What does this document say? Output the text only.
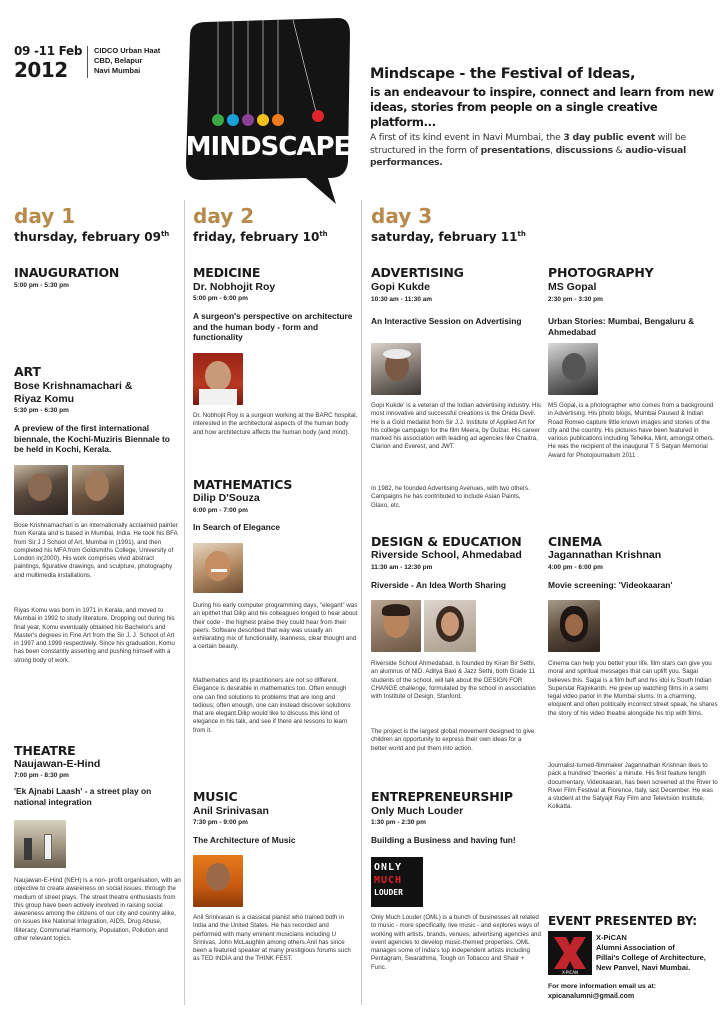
09 -11 Feb
2012
CIDCO Urban Haat
CBD, Belapur
Navi Mumbai
MINDSCAPE
Mindscape - the Festival of Ideas,
is an endeavour to inspire, connect and learn from new ideas, stories from people on a single creative platform...
A first of its kind event in Navi Mumbai, the 3 day public event will be structured in the form of presentations, discussions & audio-visual performances.
day 1
thursday, february 09th
day 2
friday, february 10th
day 3
saturday, february 11th
INAUGURATION
5:00 pm - 5:30 pm
ART
Bose Krishnamachari &
Riyaz Komu
5:30 pm - 6:30 pm
A preview of the first international biennale, the Kochi-Muziris Biennale to be held in Kochi, Kerala.
Bose Krishnamachari is an internationally acclaimed painter from Kerala and is based in Mumbai, India. He took his BFA from Sir J J School of Art, Mumbai in (1991), and then completed his MFA from Goldsmiths College, University of London in(2000). His work comprises vivid abstract paintings, figurative drawings, and sculpture, photography and multimedia installations.
Riyas Komu was born in 1971 in Kerala, and moved to Mumbai in 1992 to study literature. Dropping out during his final year, Komu eventually obtained his Bachelor's and Master's degrees in Fine Art from the Sir J. J. School of Art in 1997 and 1999 respectively. Since his graduation, Komu has been constantly asserting and pushing himself with a strong body of work.
THEATRE
Naujawan-E-Hind
7:00 pm - 8:30 pm
'Ek Ajnabi Laash' - a street play on national integration
Naujawan-E-Hind (NEH) is a non- profit organisation, with an objective to create awareness on social issues, through the medium of street plays. The street theatre enthusiasts from this group have been actively involved in raising social awareness among the citizens of our city and country alike, on issues like National Integration, AIDS, Drug Abuse, Illiteracy, Communal Harmony, Population, Pollution and other relevant topics.
MEDICINE
Dr. Nobhojit Roy
5:00 pm - 6:00 pm
A surgeon's perspective on architecture and the human body - form and functionality
Dr. Nobhojit Roy is a surgeon working at the BARC hospital, interested in the architectural aspects of the human body and how architecture affects the human body (and mind).
MATHEMATICS
Dilip D'Souza
6:00 pm - 7:00 pm
In Search of Elegance
During his early computer programming days, "elegant" was an epithet that Dilip and his colleagues longed to hear about their code - the highest praise they could hear from their peers. Software described that way was usually an exhilarating mix of functionality, leanness, clear thought and a certain beauty.
Mathematics and its practitioners are not so different. Elegance is desirable in mathematics too. Often enough one can find solutions to problems that are long and tedious; often enough, one can instead discover solutions that are elegant.Dilip would like to discuss this kind of elegance in his talk, and see if there are lessons to learn from it.
MUSIC
Anil Srinivasan
7:30 pm - 9:00 pm
The Architecture of Music
Anil Srinivasan is a classical pianist who trained both in India and the United States. He has recorded and performed with many eminent musicians including U Srinivas, John McLaughlin among others.Anil has since been a featured speaker at many prestigious forums such as TED INDIA and the THINK FEST.
ADVERTISING
Gopi Kukde
10:30 am - 11:30 am
An Interactive Session on Advertising
Gopi Kukde' is a veteran of the Indian advertising industry. His most innovative and successful creations is the Onida Devil. He is a Gold medalist from Sir J.J. Institute of Applied Art for his college campaign for the film Meera, by Gulzar. His career marked his association with leading ad agencies like Chaitra, Clarion and Everest, and JWT.
In 1982, he founded Advertising Avenues, with two others. Campaigns he has contributed to include Asian Paints, Glaxo, etc.
DESIGN & EDUCATION
Riverside School, Ahmedabad
11:30 am - 12:30 pm
Riverside - An Idea Worth Sharing
Riverside School Ahmedabad, is founded by Kiran Bir Sethi, an alumnus of NID. Aditya Baxi & Jazz Sethi, both Grade 11 students of the school, will talk about the DESIGN FOR CHANGE challenge, formulated by the school in association with Institute of Design, Stanford.
The project is the largest global movement designed to give children an opportunity to express their own ideas for a better world and put them into action.
ENTREPRENEURSHIP
Only Much Louder
1:30 pm - 2:30 pm
Building a Business and having fun!
ONLY
MUCH
LOUDER
Only Much Louder (OML) is a bunch of businesses all related to music - more specifically, live music - and explores ways of working with artists, brands, venues, advertising agencies and event agencies to develop music-themed properties. OML manages some of India's top independent artists including Pentagram, Swarathma, Tough on Tobacco and Shaiir + Func.
PHOTOGRAPHY
MS Gopal
2:30 pm - 3:30 pm
Urban Stories: Mumbai, Bengaluru & Ahmedabad
MS Gopal, is a photographer who comes from a background in Advertising. His photo blogs, Mumbai Paused & Indian Road Romeo capture little known images and stories of the city and the country. His pictures have been featured in various publications including Tehelka, Mint, amongst others. He was the recipient of the inaugural T S Satyan Memorial Award for Photojournalism 2011 .
CINEMA
Jagannathan Krishnan
4:00 pm - 6:00 pm
Movie screening: 'Videokaaran'
Cinema can help you better your life, film stars can give you moral and spiritual messages that can uplift you. Sagai believes this. Sagai is a film buff and his idol is South Indian Superstar Rajnikanth. He grew up watching films in a semi legal video parlor in the Mumbai slums. In a charming, eloquent and often politically incorrect street speak, he shares the story of his video theatre alongside his trip with films.
Journalist-turned-filmmaker Jagannathan Krishnan likes to pack a hundred 'theories' a minute. His first feature length documentary, Videokaaran, has been screened at the River to River Film Festival at Florence, Italy, last December. He was a student at the Satyajit Ray Film and Television Institute, Kolkatta.
EVENT PRESENTED BY:
X-PICAN
X-PiCAN
Alumni Association of
Pillai's College of Architecture,
New Panvel, Navi Mumbai.
For more information email us at:
xpicanalumni@gmail.com
